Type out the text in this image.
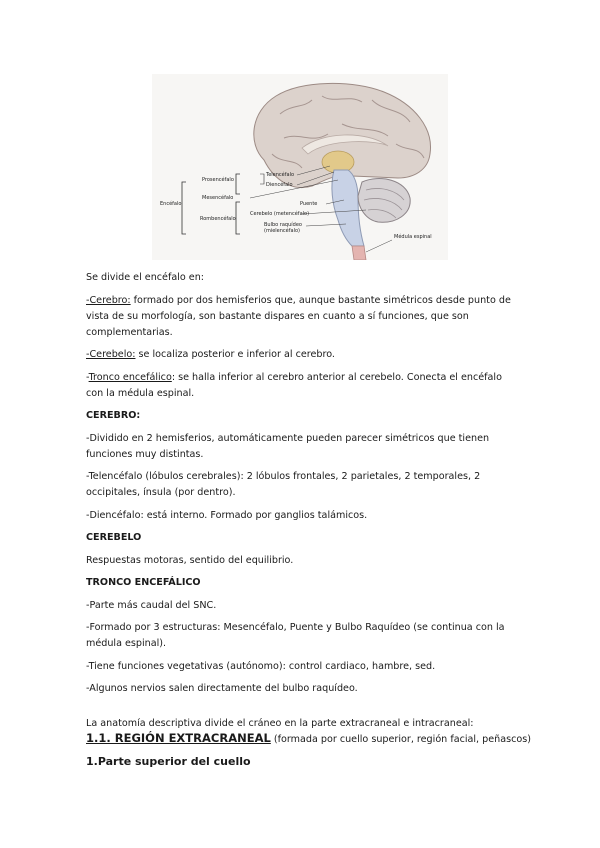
Encéfalo
Prosencéfalo
Telencéfalo
Diencéfalo
Mesencéfalo
Rombencéfalo
Puente
Cerebelo (metencéfalo)
Bulbo raquídeo
(mielencéfalo)
Médula espinal

Se divide el encéfalo en:

-Cerebro: formado por dos hemisferios que, aunque bastante simétricos desde punto de vista de su morfología, son bastante dispares en cuanto a sí funciones, que son complementarias.

-Cerebelo: se localiza posterior e inferior al cerebro.

-Tronco encefálico: se halla inferior al cerebro anterior al cerebelo. Conecta el encéfalo con la médula espinal.

CEREBRO:

-Dividido en 2 hemisferios, automáticamente pueden parecer simétricos que tienen funciones muy distintas.

-Telencéfalo (lóbulos cerebrales): 2 lóbulos frontales, 2 parietales, 2 temporales, 2 occipitales, ínsula (por dentro).

-Diencéfalo: está interno. Formado por ganglios talámicos.

CEREBELO

Respuestas motoras, sentido del equilibrio.

TRONCO ENCEFÁLICO

-Parte más caudal del SNC.

-Formado por 3 estructuras: Mesencéfalo, Puente y Bulbo Raquídeo (se continua con la médula espinal).

-Tiene funciones vegetativas (autónomo): control cardiaco, hambre, sed.

-Algunos nervios salen directamente del bulbo raquídeo.

La anatomía descriptiva divide el cráneo en la parte extracraneal e intracraneal:

1.1. REGIÓN EXTRACRANEAL (formada por cuello superior, región facial, peñascos)
1.Parte superior del cuello
